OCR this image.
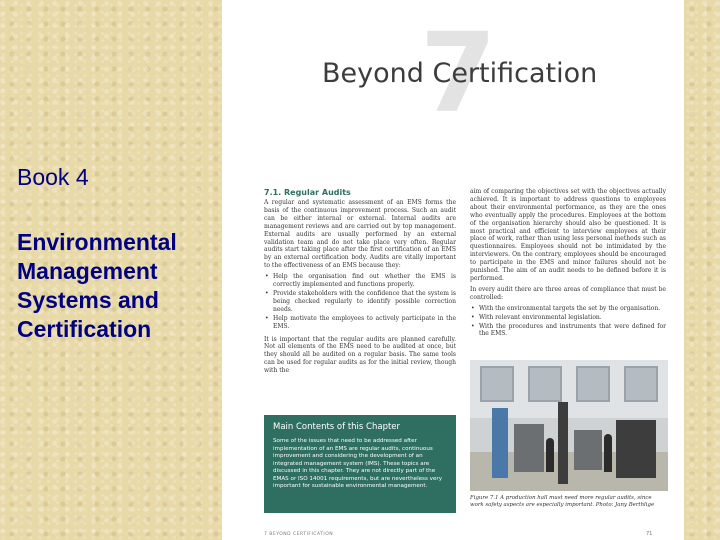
Book 4
Environmental Management Systems and Certification
7
Beyond Certification
7.1. Regular Audits

A regular and systematic assessment of an EMS forms the basis of the continuous improvement process. Such an audit can be either internal or external. Internal audits are management reviews and are carried out by top management. External audits are usually performed by an external validation team and do not take place very often. Regular audits start taking place after the first certification of an EMS by an external certification body. Audits are vitally important to the effectiveness of an EMS because they:

• Help the organisation find out whether the EMS is correctly implemented and functions properly.
• Provide stakeholders with the confidence that the system is being checked regularly to identify possible correction needs.
• Help motivate the employees to actively participate in the EMS.

It is important that the regular audits are planned carefully. Not all elements of the EMS need to be audited at once, but they should all be audited on a regular basis. The same tools can be used for regular audits as for the initial review, though with the

aim of comparing the objectives set with the objectives actually achieved. It is important to address questions to employees about their environmental performance, as they are the ones who eventually apply the procedures. Employees at the bottom of the organisation hierarchy should also be questioned. It is most practical and efficient to interview employees at their place of work, rather than using less personal methods such as questionnaires. Employees should not be intimidated by the interviewers. On the contrary, employees should be encouraged to participate in the EMS and minor failures should not be punished. The aim of an audit needs to be defined before it is performed.

In every audit there are three areas of compliance that must be controlled:

• With the environmental targets the set by the organisation.
• With relevant environmental legislation.
• With the procedures and instruments that were defined for the EMS.
Main Contents of this Chapter
Some of the issues that need to be addressed after implementation of an EMS are regular audits, continuous improvement and considering the development of an integrated management system (IMS). These topics are discussed in this chapter. They are not directly part of the EMAS or ISO 14001 requirements, but are nevertheless very important for sustainable environmental management.
Figure 7.1 A production hall must need more regular audits, since work safety aspects are especially important. Photo: Jany Berthlige
7 BEYOND CERTIFICATION	71
